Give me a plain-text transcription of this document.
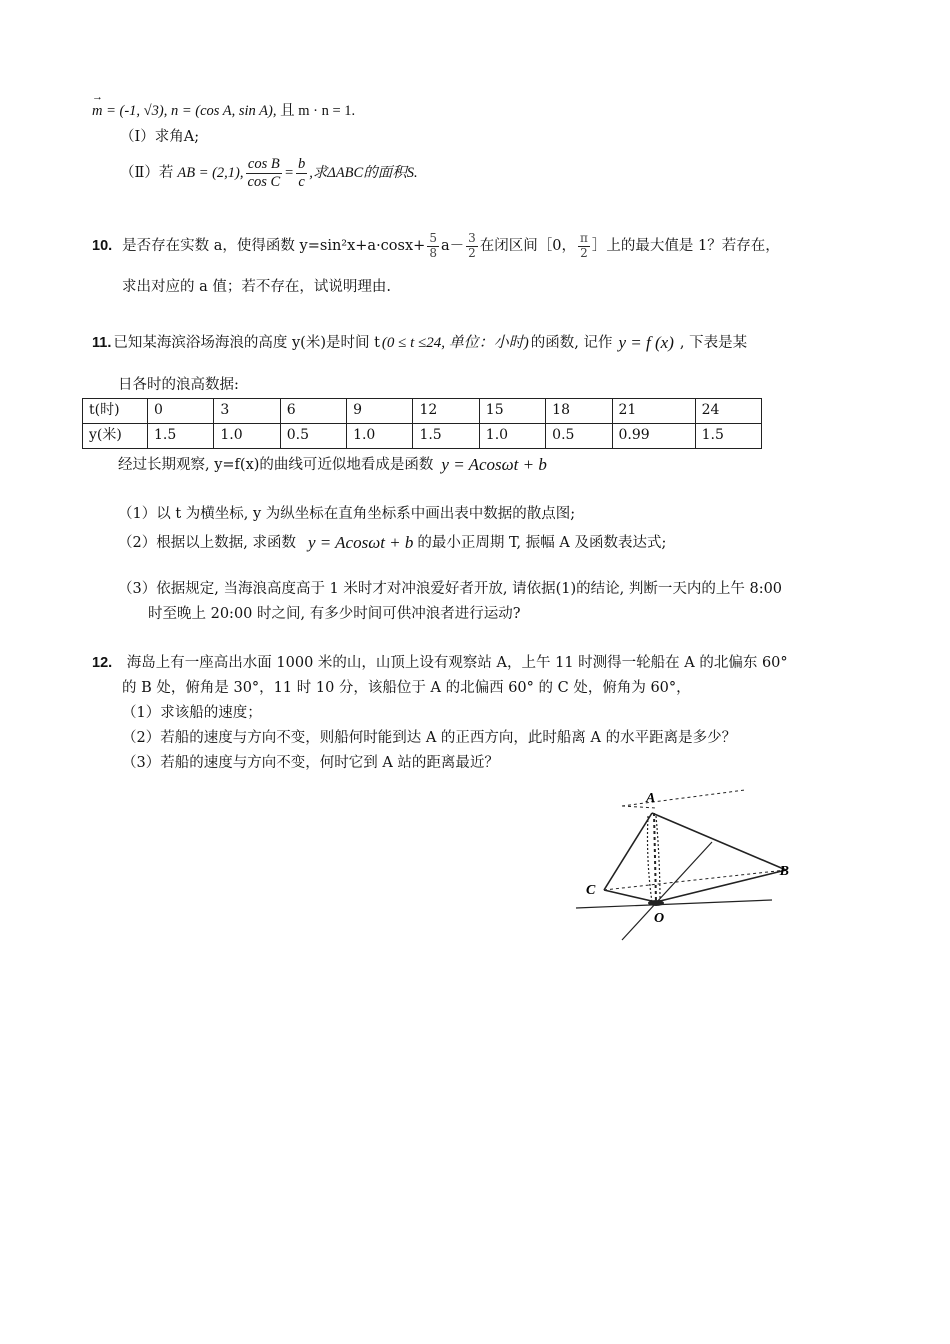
→ m = (-1, √3), n = (cos A, sin A), 且 m · n = 1.
（Ⅰ）求角A;
（Ⅱ）若 AB = (2,1), $\frac{\text{cos B}}{\text{cos C}} = \frac{b}{c}$ ,求ΔABC的面积S.
10. 是否存在实数 a，使得函数 $y=\sin^2x+a\cdot\cos x+ \frac{5}{8} a- \frac{3}{2}$ 在闭区间［0， $\frac{\pi}{2}$ ］上的最大值是 1？若存在，
求出对应的 a 值；若不存在，试说明理由.
11. 已知某海滨浴场海浪的高度 y(米)是时间 t (0 ≤ t ≤24, 单位：小时) 的函数, 记作 y = f (x) , 下表是某
日各时的浪高数据:
t(时)	0	3	6	9	12	15	18	21	24
y(米)	1.5	1.0	0.5	1.0	1.5	1.0	0.5	0.99	1.5
经过长期观察, y=f(x)的曲线可近似地看成是函数 y = Acosωt + b
（1）以 t 为横坐标, y 为纵坐标在直角坐标系中画出表中数据的散点图;
（2）根据以上数据, 求函数 y = Acosωt + b 的最小正周期 T, 振幅 A 及函数表达式;
（3）依据规定, 当海浪高度高于 1 米时才对冲浪爱好者开放, 请依据(1)的结论, 判断一天内的上午 8:00
时至晚上 20:00 时之间, 有多少时间可供冲浪者进行运动?
12. 海岛上有一座高出水面 1000 米的山，山顶上设有观察站 A，上午 11 时测得一轮船在 A 的北偏东 60°
的 B 处，俯角是 30°，11 时 10 分，该船位于 A 的北偏西 60° 的 C 处，俯角为 60°，
（1）求该船的速度；
（2）若船的速度与方向不变，则船何时能到达 A 的正西方向，此时船离 A 的水平距离是多少？
（3）若船的速度与方向不变，何时它到 A 站的距离最近？
A
B
C
O
